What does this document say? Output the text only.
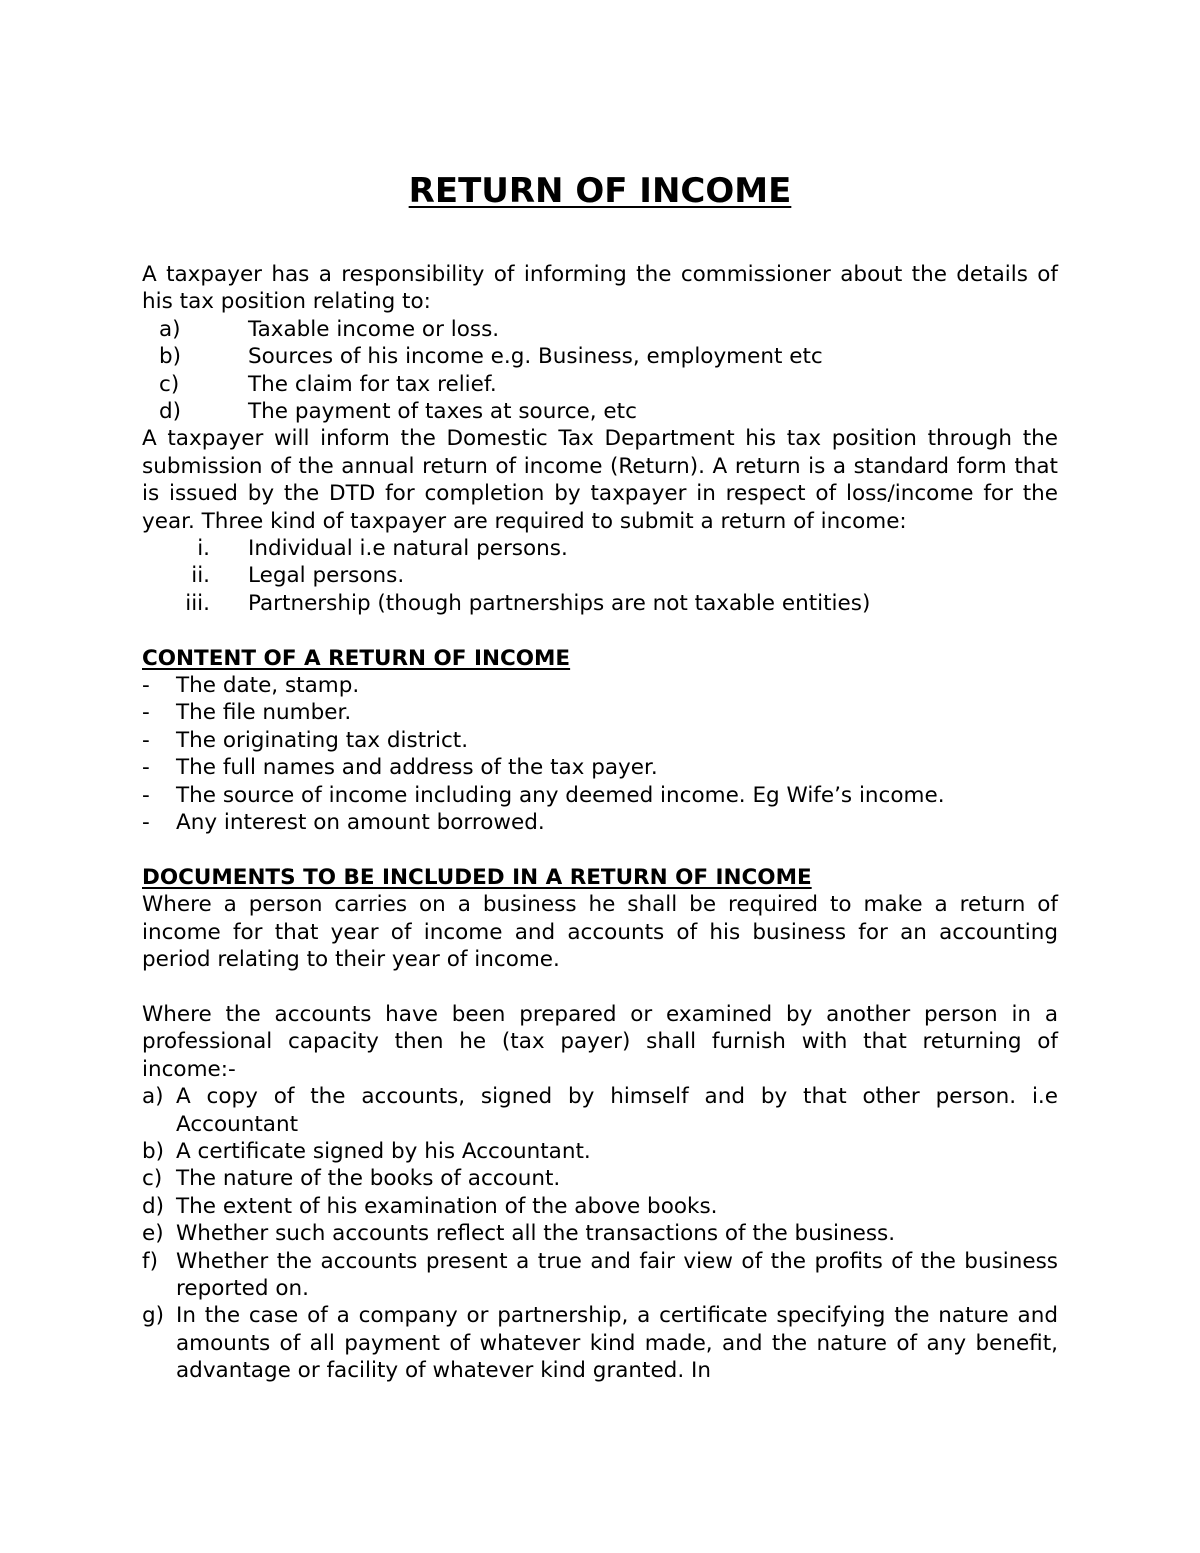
RETURN OF INCOME

A taxpayer has a responsibility of informing the commissioner about the details of his tax position relating to:

a)	Taxable income or loss.
b)	Sources of his income e.g. Business, employment etc
c)	The claim for tax relief.
d)	The payment of taxes at source, etc

A taxpayer will inform the Domestic Tax Department his tax position through the submission of the annual return of income (Return). A return is a standard form that is issued by the DTD for completion by taxpayer in respect of loss/income for the year. Three kind of taxpayer are required to submit a return of income:

i.	Individual i.e natural persons.
ii.	Legal persons.
iii.	Partnership (though partnerships are not taxable entities)

CONTENT OF A RETURN OF INCOME

-	The date, stamp.
-	The file number.
-	The originating tax district.
-	The full names and address of the tax payer.
-	The source of income including any deemed income. Eg Wife’s income.
-	Any interest on amount borrowed.

DOCUMENTS TO BE INCLUDED IN A RETURN OF INCOME

Where a person carries on a business he shall be required to make a return of income for that year of income and accounts of his business for an accounting period relating to their year of income.

Where the accounts have been prepared or examined by another person in a professional capacity then he (tax payer) shall furnish with that returning of income:-

a) A copy of the accounts, signed by himself and by that other person. i.e Accountant
b) A certificate signed by his Accountant.
c) The nature of the books of account.
d) The extent of his examination of the above books.
e) Whether such accounts reflect all the transactions of the business.
f) Whether the accounts present a true and fair view of the profits of the business reported on.
g) In the case of a company or partnership, a certificate specifying the nature and amounts of all payment of whatever kind made, and the nature of any benefit, advantage or facility of whatever kind granted. In
